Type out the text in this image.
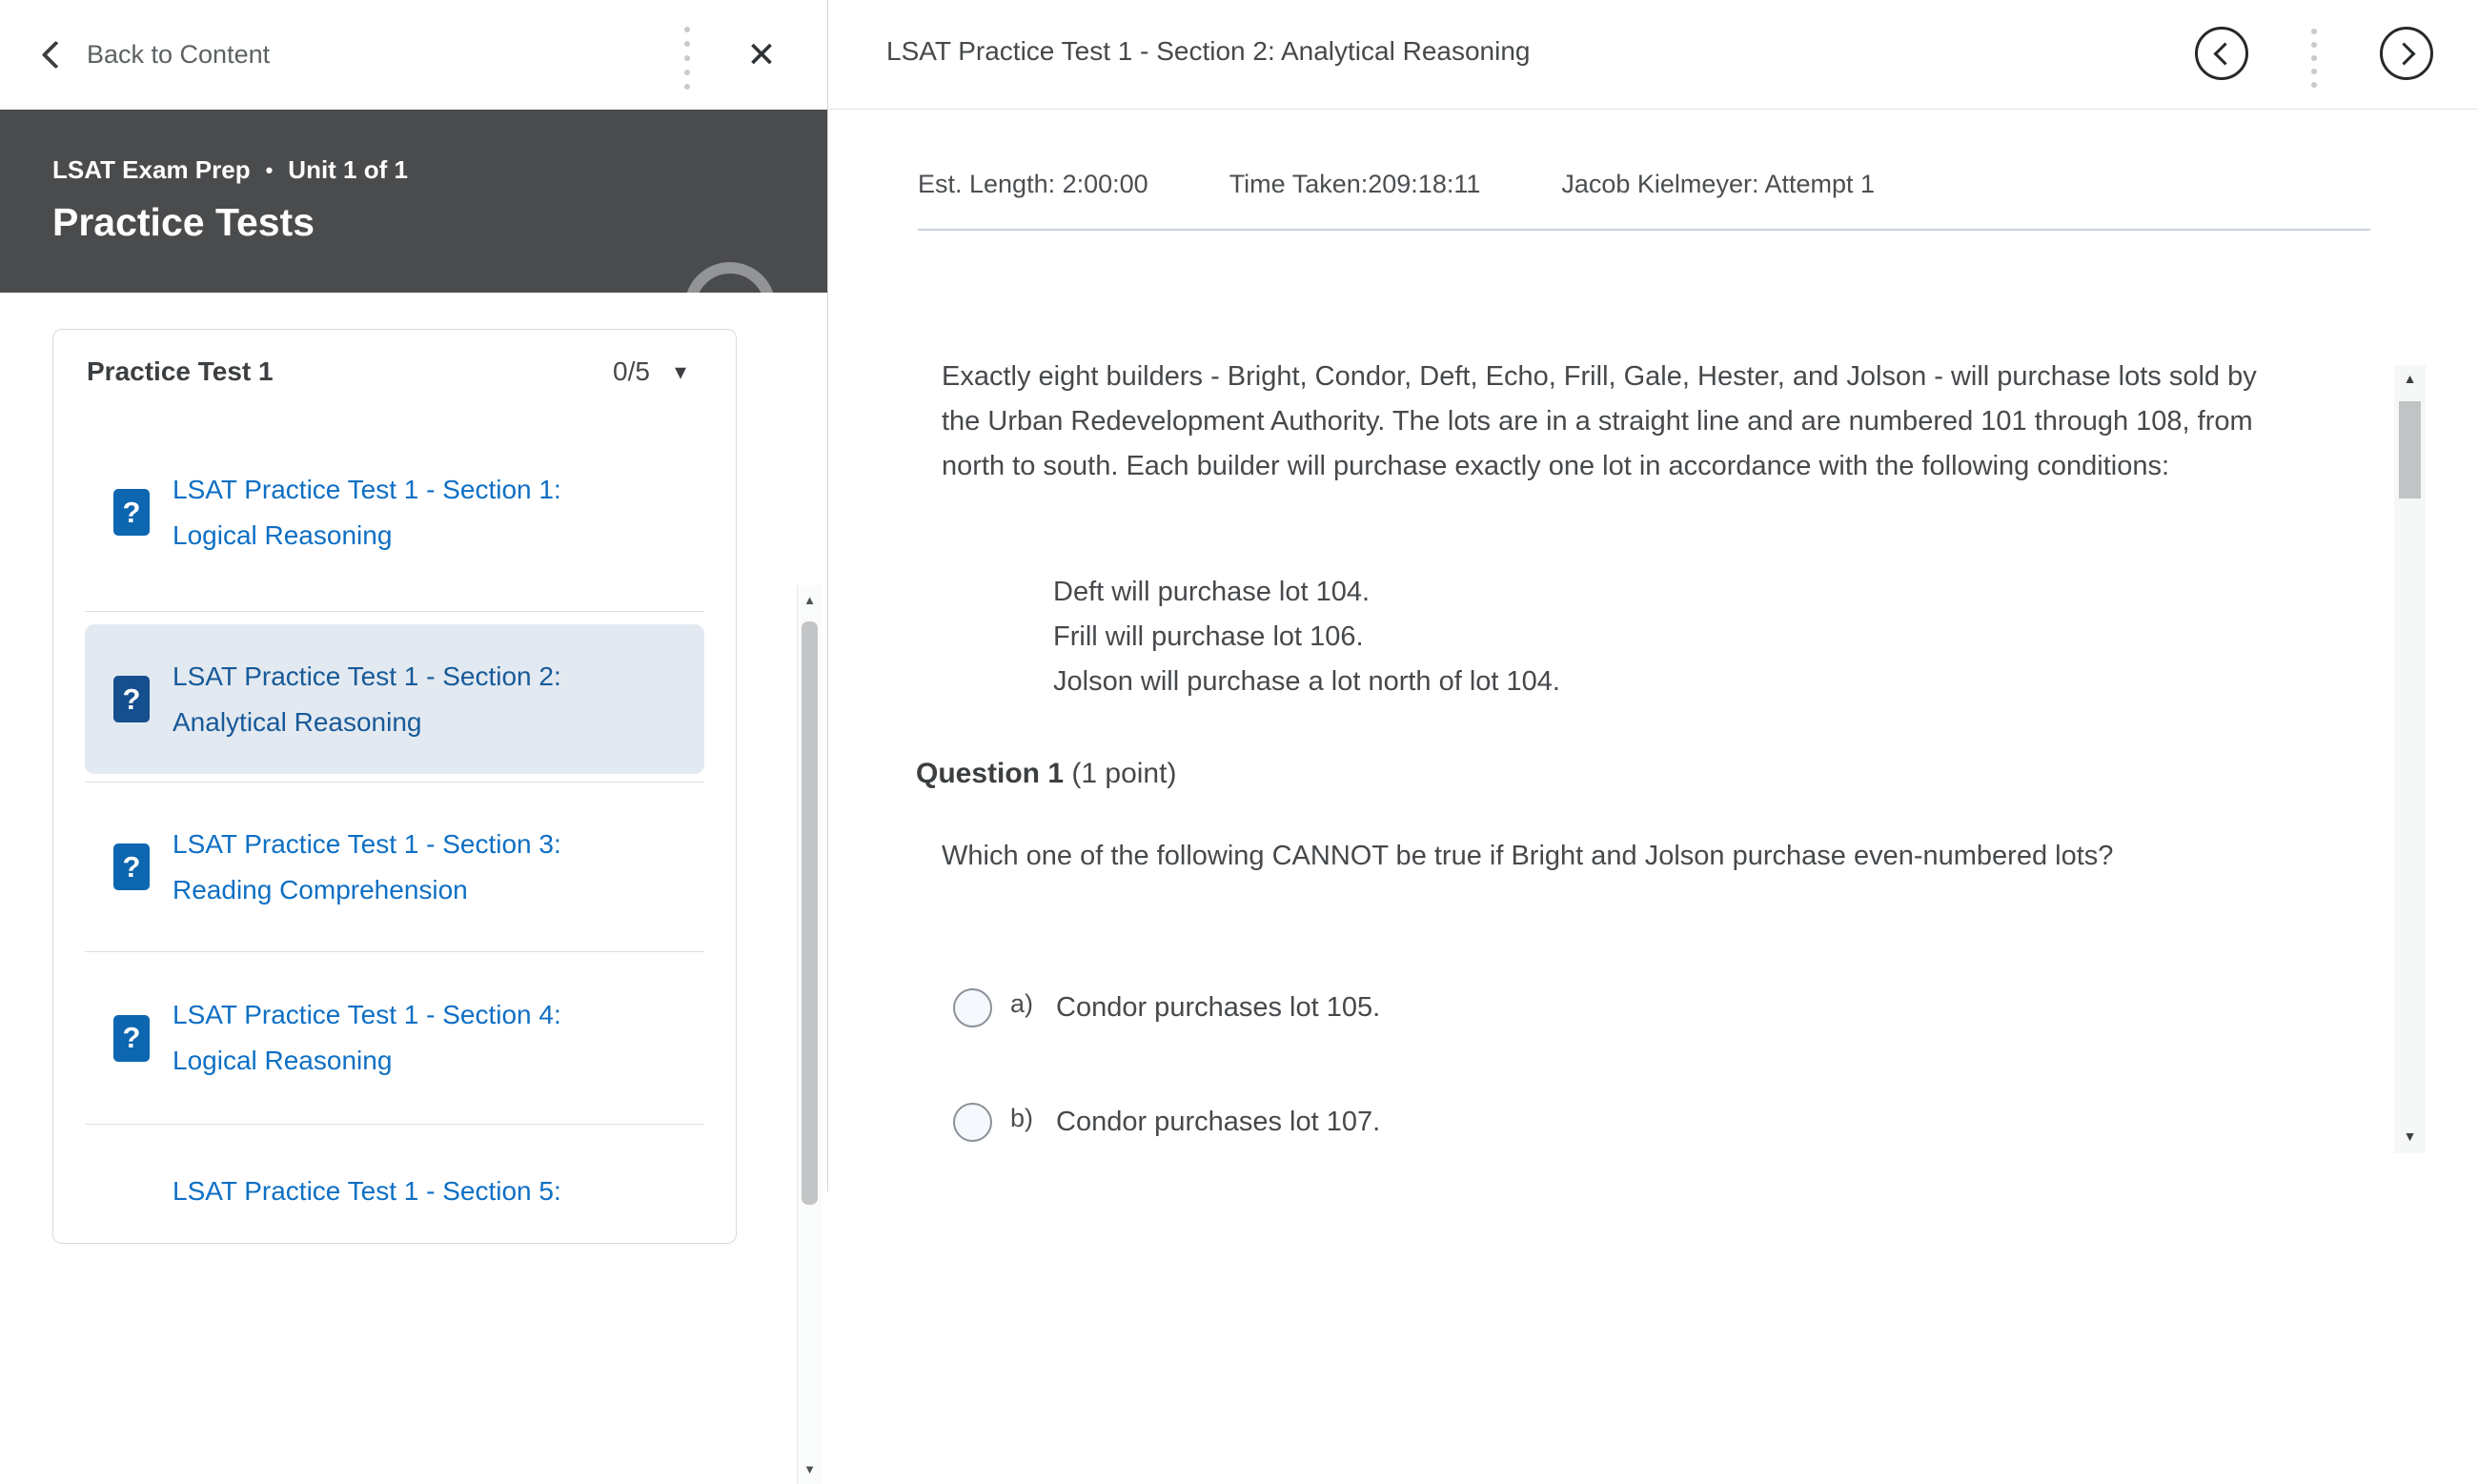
Back to Content	✕
LSAT Exam Prep • Unit 1 of 1
Practice Tests
Practice Test 1	0/5 ▾
?
LSAT Practice Test 1 - Section 1: Logical Reasoning
?
LSAT Practice Test 1 - Section 2: Analytical Reasoning
?
LSAT Practice Test 1 - Section 3: Reading Comprehension
?
LSAT Practice Test 1 - Section 4: Logical Reasoning
LSAT Practice Test 1 - Section 5:
▲
▼
LSAT Practice Test 1 - Section 2: Analytical Reasoning
Est. Length: 2:00:00	Time Taken:209:18:11	Jacob Kielmeyer: Attempt 1
Exactly eight builders - Bright, Condor, Deft, Echo, Frill, Gale, Hester, and Jolson - will purchase lots sold by the Urban Redevelopment Authority. The lots are in a straight line and are numbered 101 through 108, from north to south. Each builder will purchase exactly one lot in accordance with the following conditions:
Deft will purchase lot 104.
Frill will purchase lot 106.
Jolson will purchase a lot north of lot 104.
Question 1 (1 point)
Which one of the following CANNOT be true if Bright and Jolson purchase even-numbered lots?
a) Condor purchases lot 105.
b) Condor purchases lot 107.
▲
▼
